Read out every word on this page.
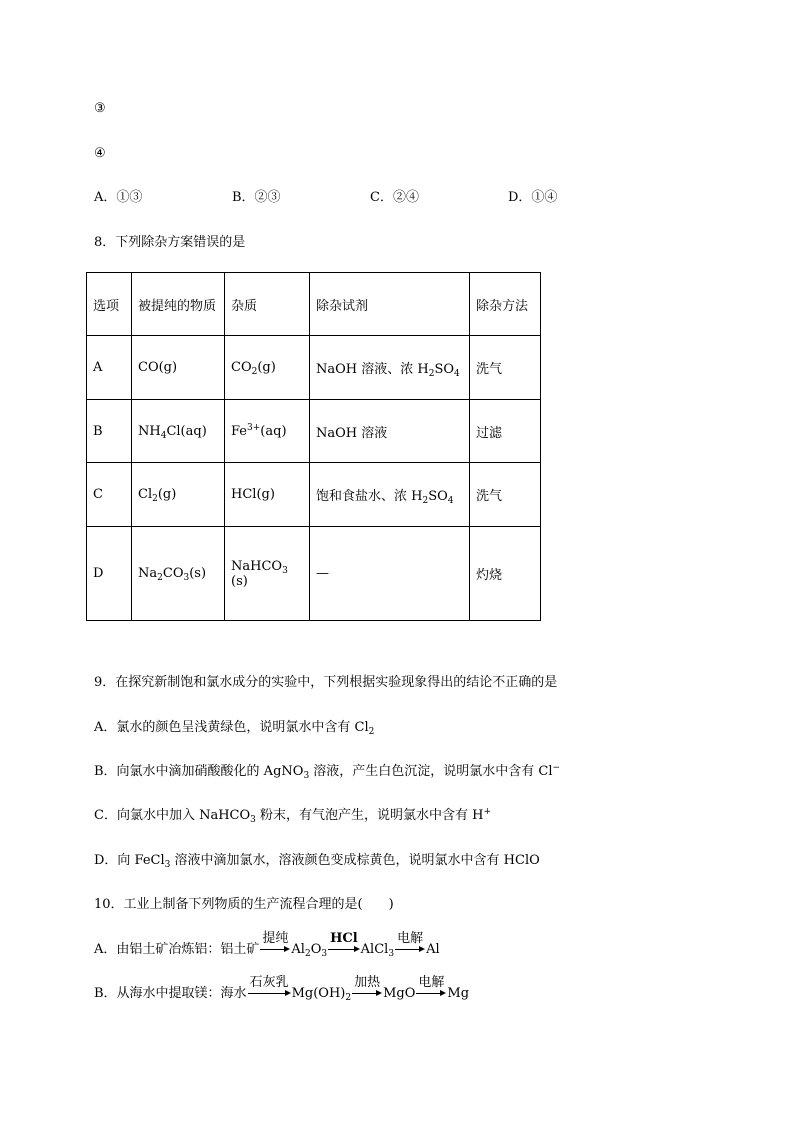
③
④
A．①③	B．②③	C．②④	D．①④
8．下列除杂方案错误的是
选项	被提纯的物质	杂质	除杂试剂	除杂方法
A	CO(g)	$CO_2(g)$	NaOH 溶液、浓 $H_2SO_4$	洗气
B	$NH_4Cl(aq)$	$Fe^{3+}(aq)$	NaOH 溶液	过滤
C	$Cl_2(g)$	HCl(g)	饱和食盐水、浓 $H_2SO_4$	洗气
D	$Na_2CO_3(s)$	NaHCO$_3$(s)	—	灼烧
9．在探究新制饱和氯水成分的实验中，下列根据实验现象得出的结论不正确的是
A．氯水的颜色呈浅黄绿色，说明氯水中含有 $Cl_2$
B．向氯水中滴加硝酸酸化的 AgNO$_3$ 溶液，产生白色沉淀，说明氯水中含有 Cl−
C．向氯水中加入 NaHCO$_3$ 粉末，有气泡产生，说明氯水中含有 H+
D．向 FeCl$_3$ 溶液中滴加氯水，溶液颜色变成棕黄色，说明氯水中含有 HClO
10．工业上制备下列物质的生产流程合理的是(　　)
A．由铝土矿冶炼铝：铝土矿
提纯
$Al_2O_3$
HCl
AlCl$_3$
电解
Al
B．从海水中提取镁：海水
石灰乳
$Mg(OH)_2$
加热
MgO
电解
Mg
